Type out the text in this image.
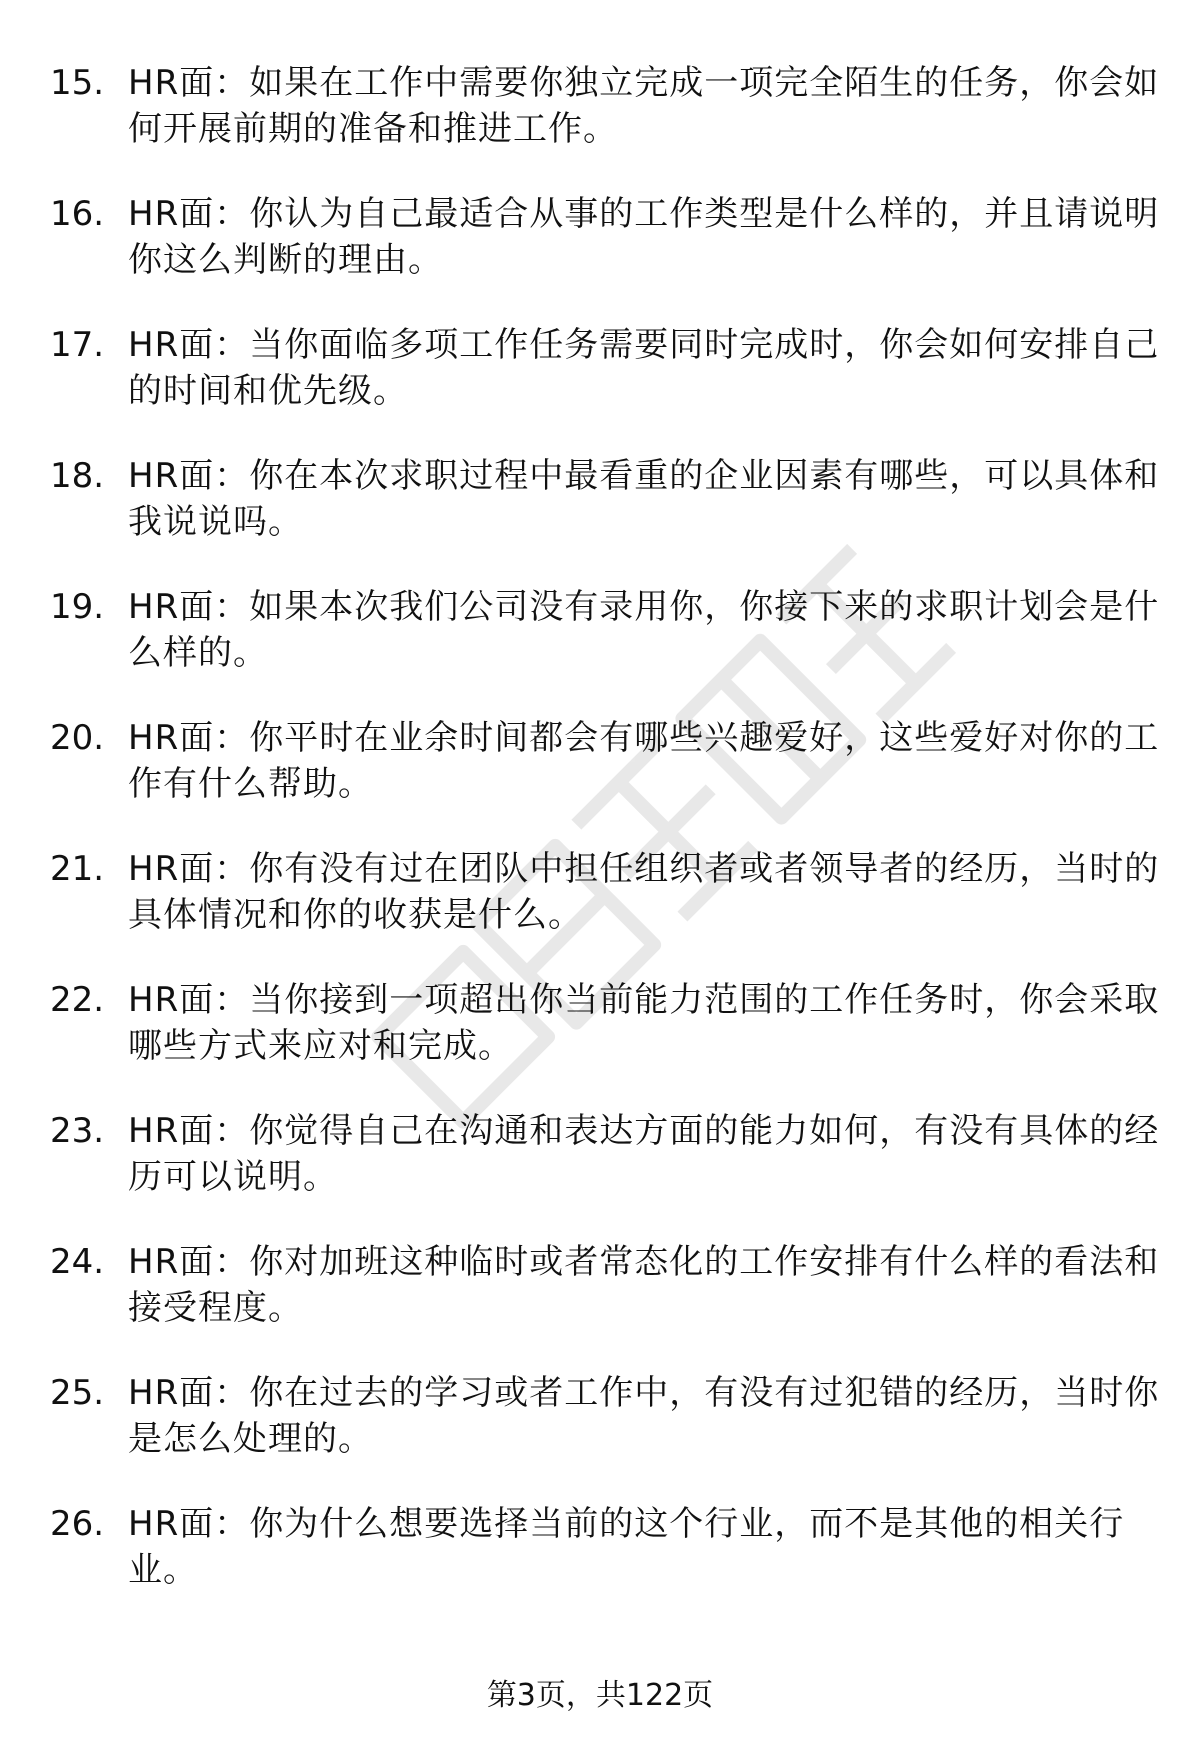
15. HR面：如果在工作中需要你独立完成一项完全陌生的任务，你会如何开展前期的准备和推进工作。
16. HR面：你认为自己最适合从事的工作类型是什么样的，并且请说明你这么判断的理由。
17. HR面：当你面临多项工作任务需要同时完成时，你会如何安排自己的时间和优先级。
18. HR面：你在本次求职过程中最看重的企业因素有哪些，可以具体和我说说吗。
19. HR面：如果本次我们公司没有录用你，你接下来的求职计划会是什么样的。
20. HR面：你平时在业余时间都会有哪些兴趣爱好，这些爱好对你的工作有什么帮助。
21. HR面：你有没有过在团队中担任组织者或者领导者的经历，当时的具体情况和你的收获是什么。
22. HR面：当你接到一项超出你当前能力范围的工作任务时，你会采取哪些方式来应对和完成。
23. HR面：你觉得自己在沟通和表达方面的能力如何，有没有具体的经历可以说明。
24. HR面：你对加班这种临时或者常态化的工作安排有什么样的看法和接受程度。
25. HR面：你在过去的学习或者工作中，有没有过犯错的经历，当时你是怎么处理的。
26. HR面：你为什么想要选择当前的这个行业，而不是其他的相关行业。
第3页，共122页
